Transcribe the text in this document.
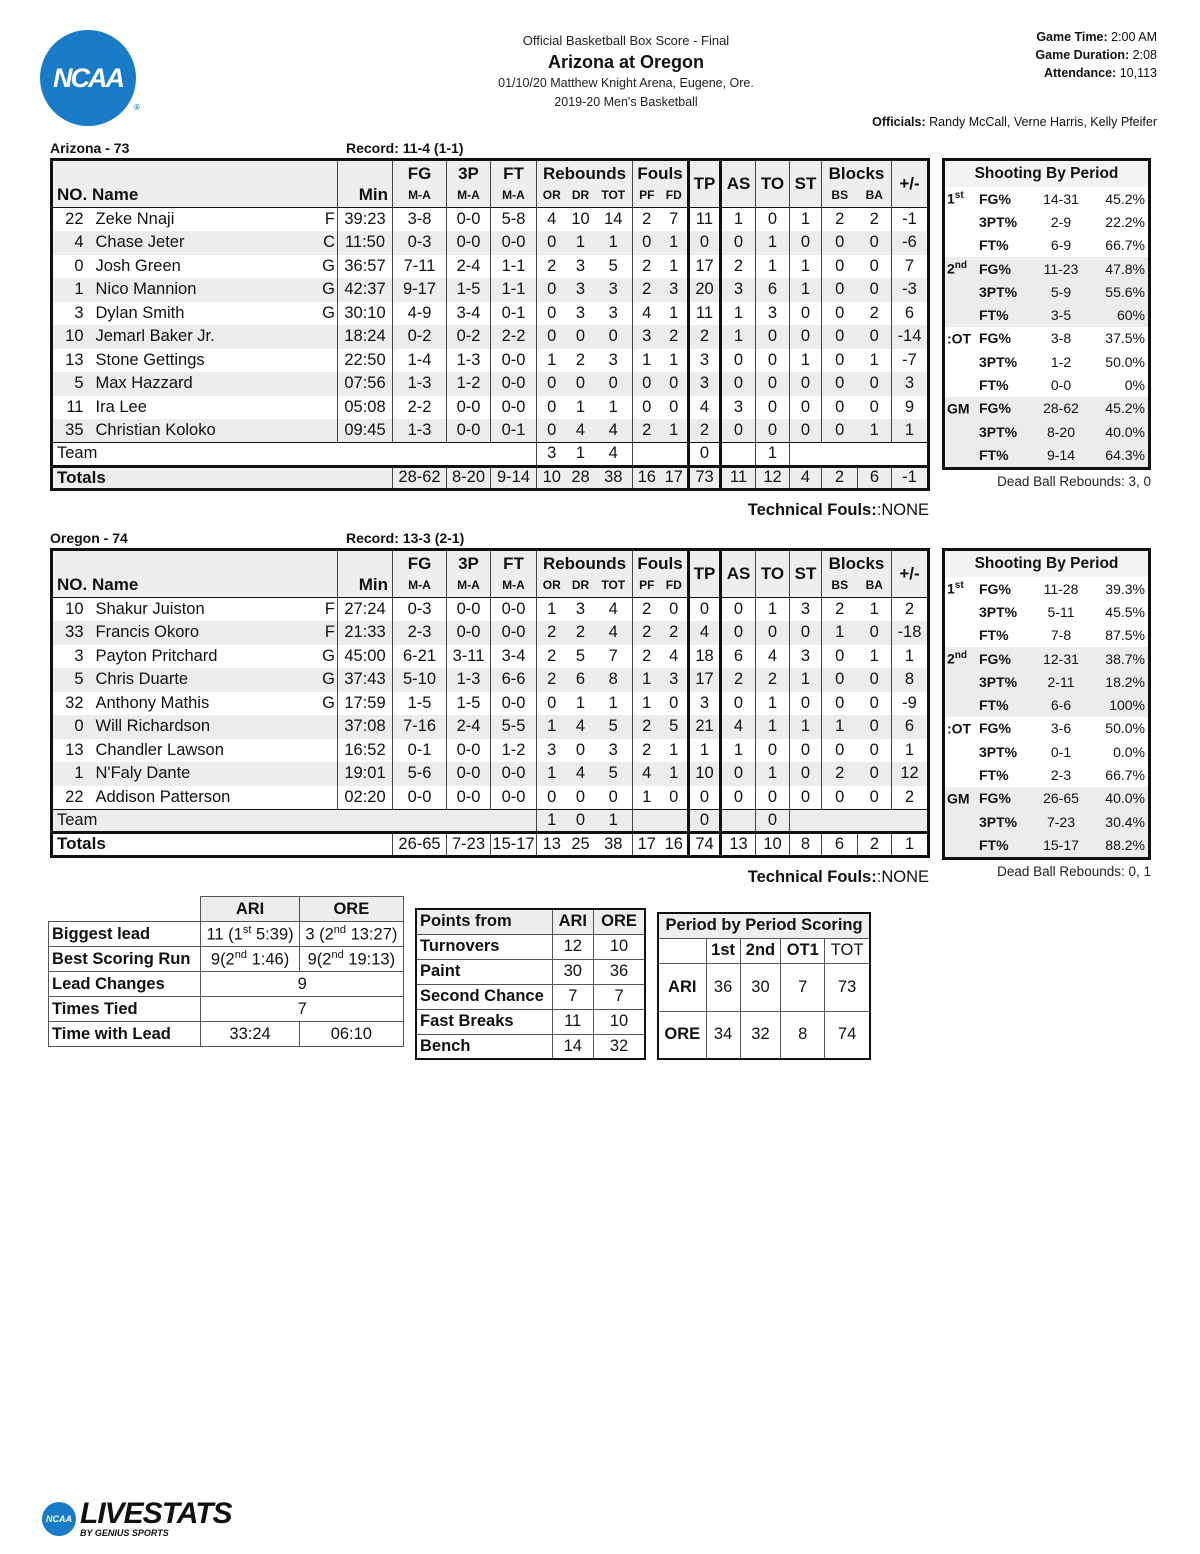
NCAA
®
Official Basketball Box Score - Final
Arizona at Oregon
01/10/20 Matthew Knight Arena, Eugene, Ore.
2019-20 Men's Basketball
Game Time: 2:00 AM
Game Duration: 2:08
Attendance: 10,113
Officials: Randy McCall, Verne Harris, Kelly Pfeifer
Arizona - 73	Record: 11-4 (1-1)
NO. Name			Min	FG	3P	FT	Rebounds			Fouls		TP	AS	TO	ST	Blocks		+/-
				M-A	M-A	M-A	OR	DR	TOT	PF	FD					BS	BA	
22	Zeke Nnaji	F	39:23	3-8	0-0	5-8	4	10	14	2	7	11	1	0	1	2	2	-1
4	Chase Jeter	C	11:50	0-3	0-0	0-0	0	1	1	0	1	0	0	1	0	0	0	-6
0	Josh Green	G	36:57	7-11	2-4	1-1	2	3	5	2	1	17	2	1	1	0	0	7
1	Nico Mannion	G	42:37	9-17	1-5	1-1	0	3	3	2	3	20	3	6	1	0	0	-3
3	Dylan Smith	G	30:10	4-9	3-4	0-1	0	3	3	4	1	11	1	3	0	0	2	6
10	Jemarl Baker Jr.		18:24	0-2	0-2	2-2	0	0	0	3	2	2	1	0	0	0	0	-14
13	Stone Gettings		22:50	1-4	1-3	0-0	1	2	3	1	1	3	0	0	1	0	1	-7
5	Max Hazzard		07:56	1-3	1-2	0-0	0	0	0	0	0	3	0	0	0	0	0	3
11	Ira Lee		05:08	2-2	0-0	0-0	0	1	1	0	0	4	3	0	0	0	0	9
35	Christian Koloko		09:45	1-3	0-0	0-1	0	4	4	2	1	2	0	0	0	0	1	1
Team							3	1	4			0		1				
Totals				28-62	8-20	9-14	10	28	38	16	17	73	11	12	4	2	6	-1
Technical Fouls::NONE
Shooting By Period
1st	FG%	14-31	45.2%
3PT%	2-9	22.2%
FT%	6-9	66.7%
2nd FG%	11-23	47.8%
3PT%	5-9	55.6%
FT%	3-5	60%
:OT FG%	3-8	37.5%
3PT%	1-2	50.0%
FT%	0-0	0%
GM FG%	28-62	45.2%
3PT%	8-20	40.0%
FT%	9-14	64.3%
Dead Ball Rebounds: 3, 0
Oregon - 74	Record: 13-3 (2-1)
NO. Name			Min	FG	3P	FT	Rebounds			Fouls		TP	AS	TO	ST	Blocks		+/-
				M-A	M-A	M-A	OR	DR	TOT	PF	FD					BS	BA	
10	Shakur Juiston	F	27:24	0-3	0-0	0-0	1	3	4	2	0	0	0	1	3	2	1	2
33	Francis Okoro	F	21:33	2-3	0-0	0-0	2	2	4	2	2	4	0	0	0	1	0	-18
3	Payton Pritchard	G	45:00	6-21	3-11	3-4	2	5	7	2	4	18	6	4	3	0	1	1
5	Chris Duarte	G	37:43	5-10	1-3	6-6	2	6	8	1	3	17	2	2	1	0	0	8
32	Anthony Mathis	G	17:59	1-5	1-5	0-0	0	1	1	1	0	3	0	1	0	0	0	-9
0	Will Richardson		37:08	7-16	2-4	5-5	1	4	5	2	5	21	4	1	1	1	0	6
13	Chandler Lawson		16:52	0-1	0-0	1-2	3	0	3	2	1	1	1	0	0	0	0	1
1	N'Faly Dante		19:01	5-6	0-0	0-0	1	4	5	4	1	10	0	1	0	2	0	12
22	Addison Patterson		02:20	0-0	0-0	0-0	0	0	0	1	0	0	0	0	0	0	0	2
Team							1	0	1			0		0				
Totals				26-65	7-23	15-17	13	25	38	17	16	74	13	10	8	6	2	1
Technical Fouls::NONE
Shooting By Period
1st	FG%	11-28	39.3%
3PT%	5-11	45.5%
FT%	7-8	87.5%
2nd FG%	12-31	38.7%
3PT%	2-11	18.2%
FT%	6-6	100%
:OT FG%	3-6	50.0%
3PT%	0-1	0.0%
FT%	2-3	66.7%
GM FG%	26-65	40.0%
3PT%	7-23	30.4%
FT%	15-17	88.2%
Dead Ball Rebounds: 0, 1
	ARI	ORE
Biggest lead	11 (1st 5:39)	3 (2nd 13:27)
Best Scoring Run	9(2nd 1:46)	9(2nd 19:13)
Lead Changes	9	
Times Tied	7	
Time with Lead	33:24	06:10
Points from	ARI	ORE
Turnovers	12	10
Paint	30	36
Second Chance	7	7
Fast Breaks	11	10
Bench	14	32
Period by Period Scoring				
	1st	2nd	OT1	TOT
ARI	36	30	7	73
ORE	34	32	8	74
NCAA LIVESTATS
BY GENIUS SPORTS
